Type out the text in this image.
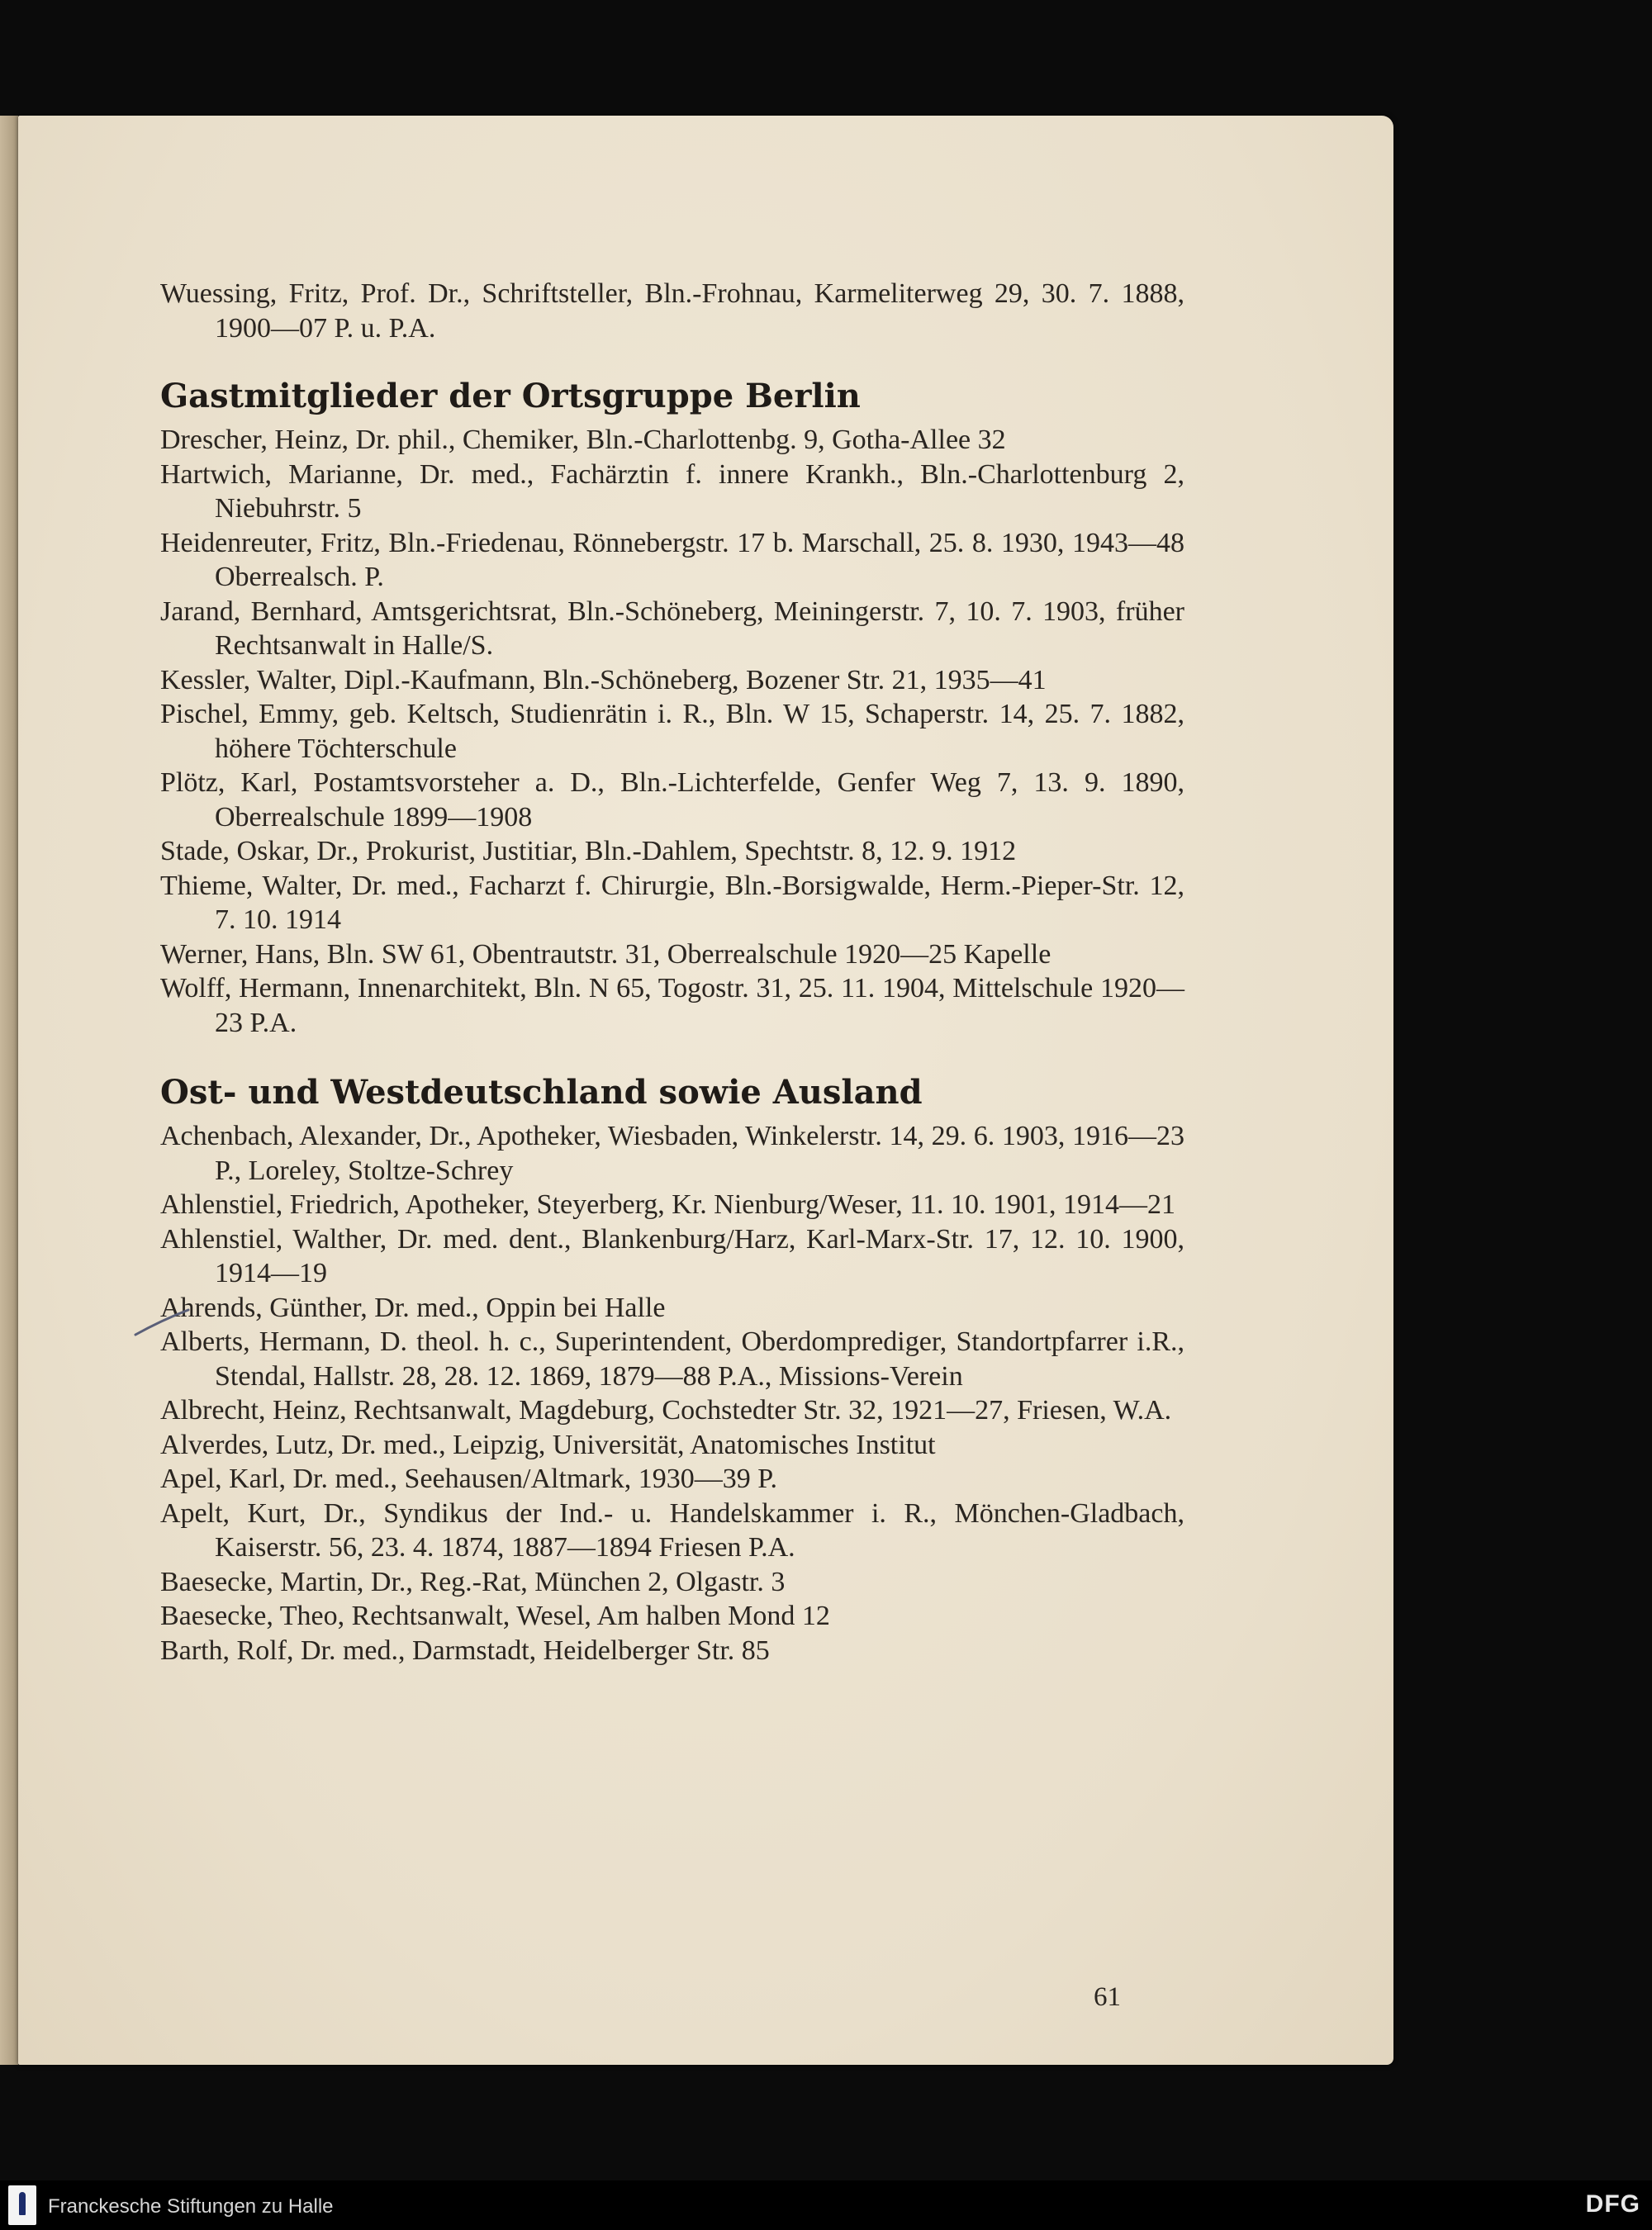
Wuessing, Fritz, Prof. Dr., Schriftsteller, Bln.-Frohnau, Karmeliterweg 29, 30. 7. 1888, 1900—07 P. u. P.A.

Gastmitglieder der Ortsgruppe Berlin

Drescher, Heinz, Dr. phil., Chemiker, Bln.-Charlottenbg. 9, Gotha-Allee 32

Hartwich, Marianne, Dr. med., Fachärztin f. innere Krankh., Bln.-Charlottenburg 2, Niebuhrstr. 5

Heidenreuter, Fritz, Bln.-Friedenau, Rönnebergstr. 17 b. Marschall, 25. 8. 1930, 1943—48 Oberrealsch. P.

Jarand, Bernhard, Amtsgerichtsrat, Bln.-Schöneberg, Meiningerstr. 7, 10. 7. 1903, früher Rechtsanwalt in Halle/S.

Kessler, Walter, Dipl.-Kaufmann, Bln.-Schöneberg, Bozener Str. 21, 1935—41

Pischel, Emmy, geb. Keltsch, Studienrätin i. R., Bln. W 15, Schaperstr. 14, 25. 7. 1882, höhere Töchterschule

Plötz, Karl, Postamtsvorsteher a. D., Bln.-Lichterfelde, Genfer Weg 7, 13. 9. 1890, Oberrealschule 1899—1908

Stade, Oskar, Dr., Prokurist, Justitiar, Bln.-Dahlem, Spechtstr. 8, 12. 9. 1912

Thieme, Walter, Dr. med., Facharzt f. Chirurgie, Bln.-Borsigwalde, Herm.-Pieper-Str. 12, 7. 10. 1914

Werner, Hans, Bln. SW 61, Obentrautstr. 31, Oberrealschule 1920—25 Kapelle

Wolff, Hermann, Innenarchitekt, Bln. N 65, Togostr. 31, 25. 11. 1904, Mittelschule 1920—23 P.A.

Ost- und Westdeutschland sowie Ausland

Achenbach, Alexander, Dr., Apotheker, Wiesbaden, Winkelerstr. 14, 29. 6. 1903, 1916—23 P., Loreley, Stoltze-Schrey

Ahlenstiel, Friedrich, Apotheker, Steyerberg, Kr. Nienburg/Weser, 11. 10. 1901, 1914—21

Ahlenstiel, Walther, Dr. med. dent., Blankenburg/Harz, Karl-Marx-Str. 17, 12. 10. 1900, 1914—19

Ahrends, Günther, Dr. med., Oppin bei Halle

Alberts, Hermann, D. theol. h. c., Superintendent, Oberdomprediger, Standortpfarrer i.R., Stendal, Hallstr. 28, 28. 12. 1869, 1879—88 P.A., Missions-Verein

Albrecht, Heinz, Rechtsanwalt, Magdeburg, Cochstedter Str. 32, 1921—27, Friesen, W.A.

Alverdes, Lutz, Dr. med., Leipzig, Universität, Anatomisches Institut

Apel, Karl, Dr. med., Seehausen/Altmark, 1930—39 P.

Apelt, Kurt, Dr., Syndikus der Ind.- u. Handelskammer i. R., Mönchen-Gladbach, Kaiserstr. 56, 23. 4. 1874, 1887—1894 Friesen P.A.

Baesecke, Martin, Dr., Reg.-Rat, München 2, Olgastr. 3

Baesecke, Theo, Rechtsanwalt, Wesel, Am halben Mond 12

Barth, Rolf, Dr. med., Darmstadt, Heidelberger Str. 85

61
Franckesche Stiftungen zu Halle	DFG
